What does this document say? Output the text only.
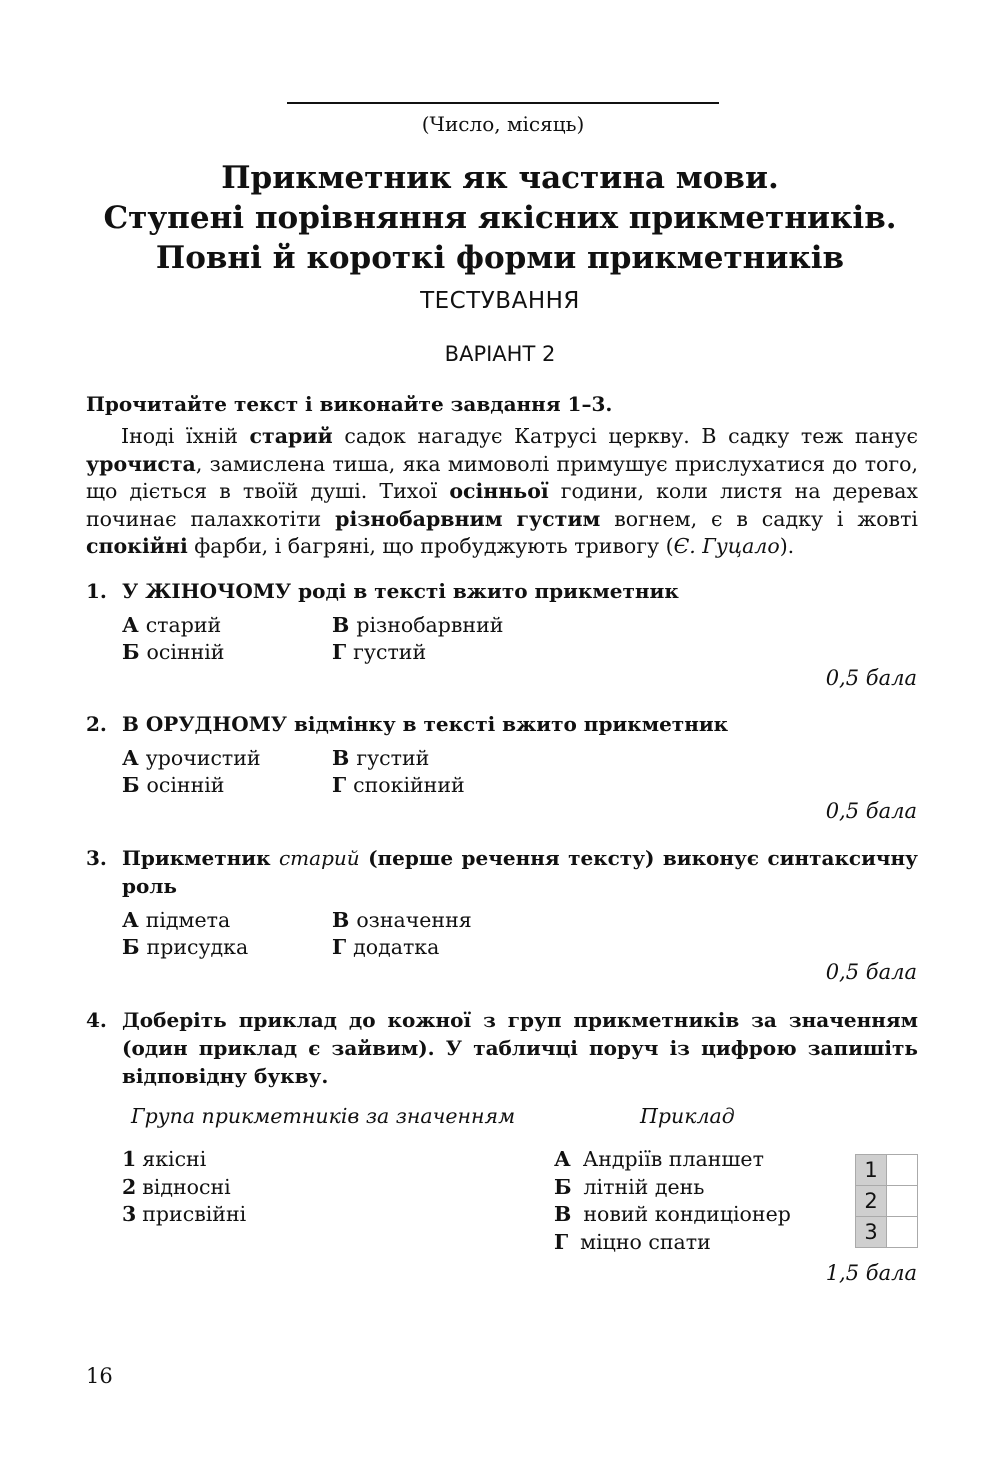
(Число, місяць)
Прикметник як частина мови.
Ступені порівняння якісних прикметників.
Повні й короткі форми прикметників
ТЕСТУВАННЯ
ВАРІАНТ 2
Прочитайте текст і виконайте завдання 1–3.
Іноді їхній старий садок нагадує Катрусі церкву. В садку теж панує урочиста, замислена тиша, яка мимоволі примушує прислухатися до того, що діється в твоїй душі. Тихої осінньої години, коли листя на деревах починає палахкотіти різнобарвним густим вогнем, є в садку і жовті спокійні фарби, і багряні, що пробуджують тривогу (Є. Гуцало).
1. У ЖІНОЧОМУ роді в тексті вжито прикметник
А старий
Б осінній
В різнобарвний
Г густий
0,5 бала
2. В ОРУДНОМУ відмінку в тексті вжито прикметник
А урочистий
Б осінній
В густий
Г спокійний
0,5 бала
3. Прикметник старий (перше речення тексту) виконує синтаксичну роль
А підмета
Б присудка
В означення
Г додатка
0,5 бала
4. Доберіть приклад до кожної з груп прикметників за значенням (один приклад є зайвим). У табличці поруч із цифрою запишіть відповідну букву.
Група прикметників за значенням	Приклад
1 якісні
2 відносні
3 присвійні
А Андріїв планшет
Б літній день
В новий кондиціонер
Г міцно спати
1	
2	
3	
1,5 бала
16
